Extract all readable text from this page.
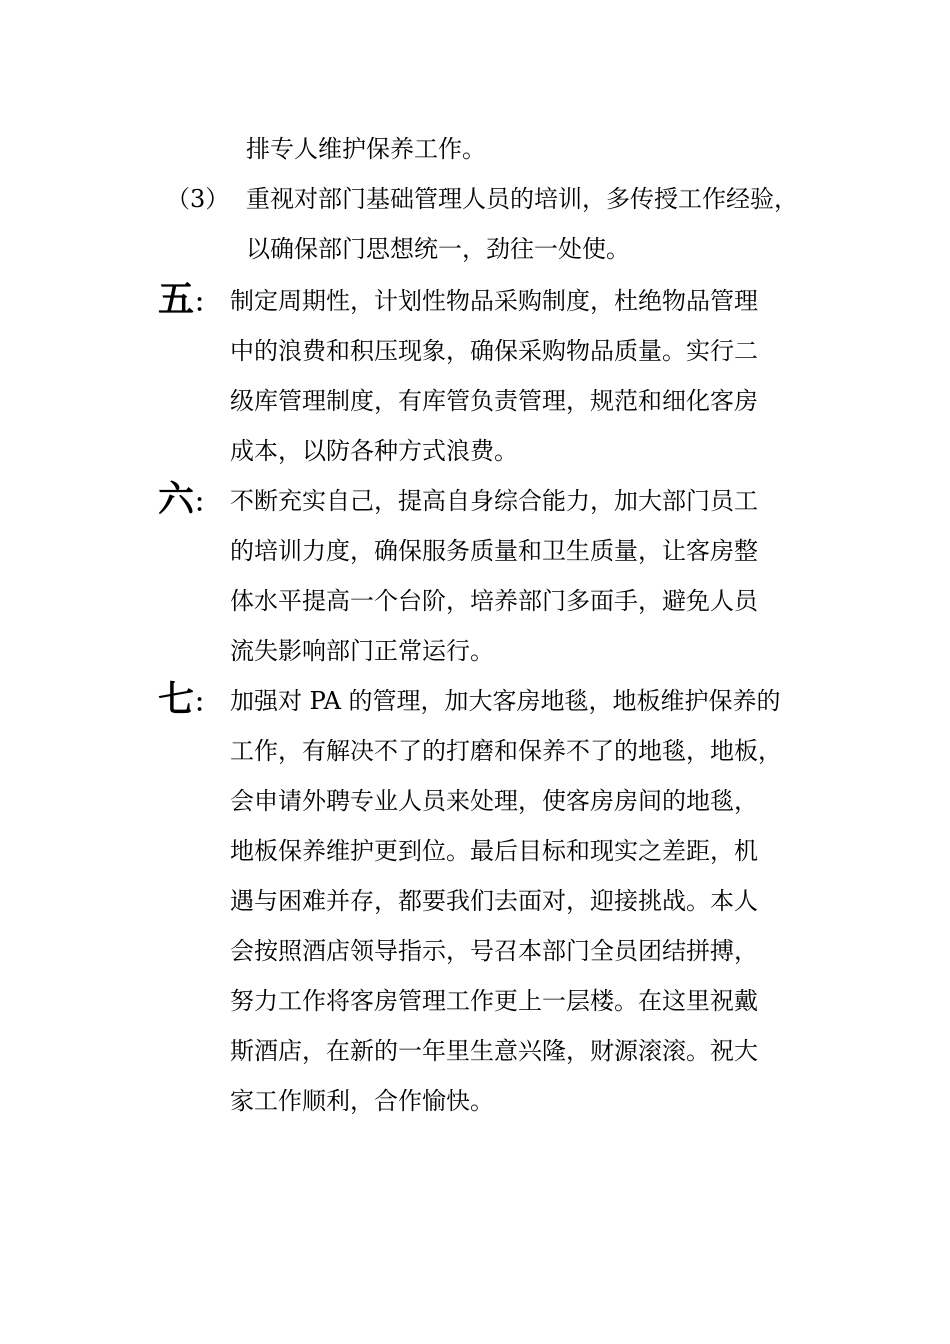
排专人维护保养工作。

（3） 重视对部门基础管理人员的培训，多传授工作经验，

以确保部门思想统一，劲往一处使。

五： 制定周期性，计划性物品采购制度，杜绝物品管理

中的浪费和积压现象，确保采购物品质量。实行二

级库管理制度，有库管负责管理，规范和细化客房

成本，以防各种方式浪费。

六： 不断充实自己，提高自身综合能力，加大部门员工

的培训力度，确保服务质量和卫生质量，让客房整

体水平提高一个台阶，培养部门多面手，避免人员

流失影响部门正常运行。

七： 加强对 PA 的管理，加大客房地毯，地板维护保养的

工作，有解决不了的打磨和保养不了的地毯，地板，

会申请外聘专业人员来处理，使客房房间的地毯，

地板保养维护更到位。最后目标和现实之差距，机

遇与困难并存，都要我们去面对，迎接挑战。本人

会按照酒店领导指示，号召本部门全员团结拼搏，

努力工作将客房管理工作更上一层楼。在这里祝戴

斯酒店，在新的一年里生意兴隆，财源滚滚。祝大

家工作顺利，合作愉快。
